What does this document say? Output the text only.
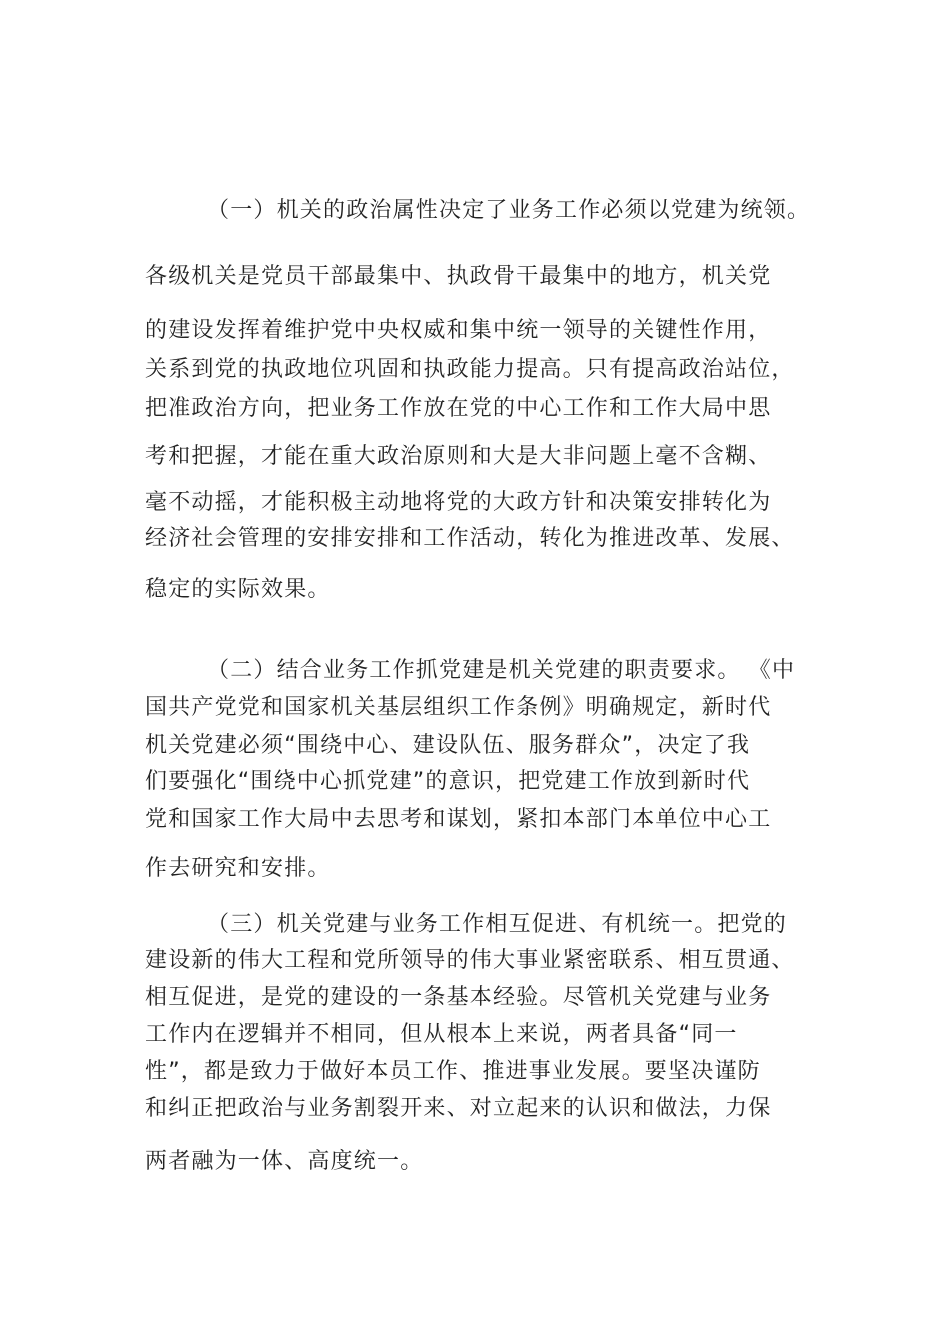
（一）机关的政治属性决定了业务工作必须以党建为统领。
各级机关是党员干部最集中、执政骨干最集中的地方，机关党
的建设发挥着维护党中央权威和集中统一领导的关键性作用，
关系到党的执政地位巩固和执政能力提高。只有提高政治站位，
把准政治方向，把业务工作放在党的中心工作和工作大局中思
考和把握，才能在重大政治原则和大是大非问题上毫不含糊、
毫不动摇，才能积极主动地将党的大政方针和决策安排转化为
经济社会管理的安排安排和工作活动，转化为推进改革、发展、
稳定的实际效果。
（二）结合业务工作抓党建是机关党建的职责要求。 《中
国共产党党和国家机关基层组织工作条例》明确规定，新时代
机关党建必须“围绕中心、建设队伍、服务群众”，决定了我
们要强化“围绕中心抓党建”的意识，把党建工作放到新时代
党和国家工作大局中去思考和谋划，紧扣本部门本单位中心工
作去研究和安排。
（三）机关党建与业务工作相互促进、有机统一。把党的
建设新的伟大工程和党所领导的伟大事业紧密联系、相互贯通、
相互促进，是党的建设的一条基本经验。尽管机关党建与业务
工作内在逻辑并不相同，但从根本上来说，两者具备“同一
性”，都是致力于做好本员工作、推进事业发展。要坚决谨防
和纠正把政治与业务割裂开来、对立起来的认识和做法，力保
两者融为一体、高度统一。
